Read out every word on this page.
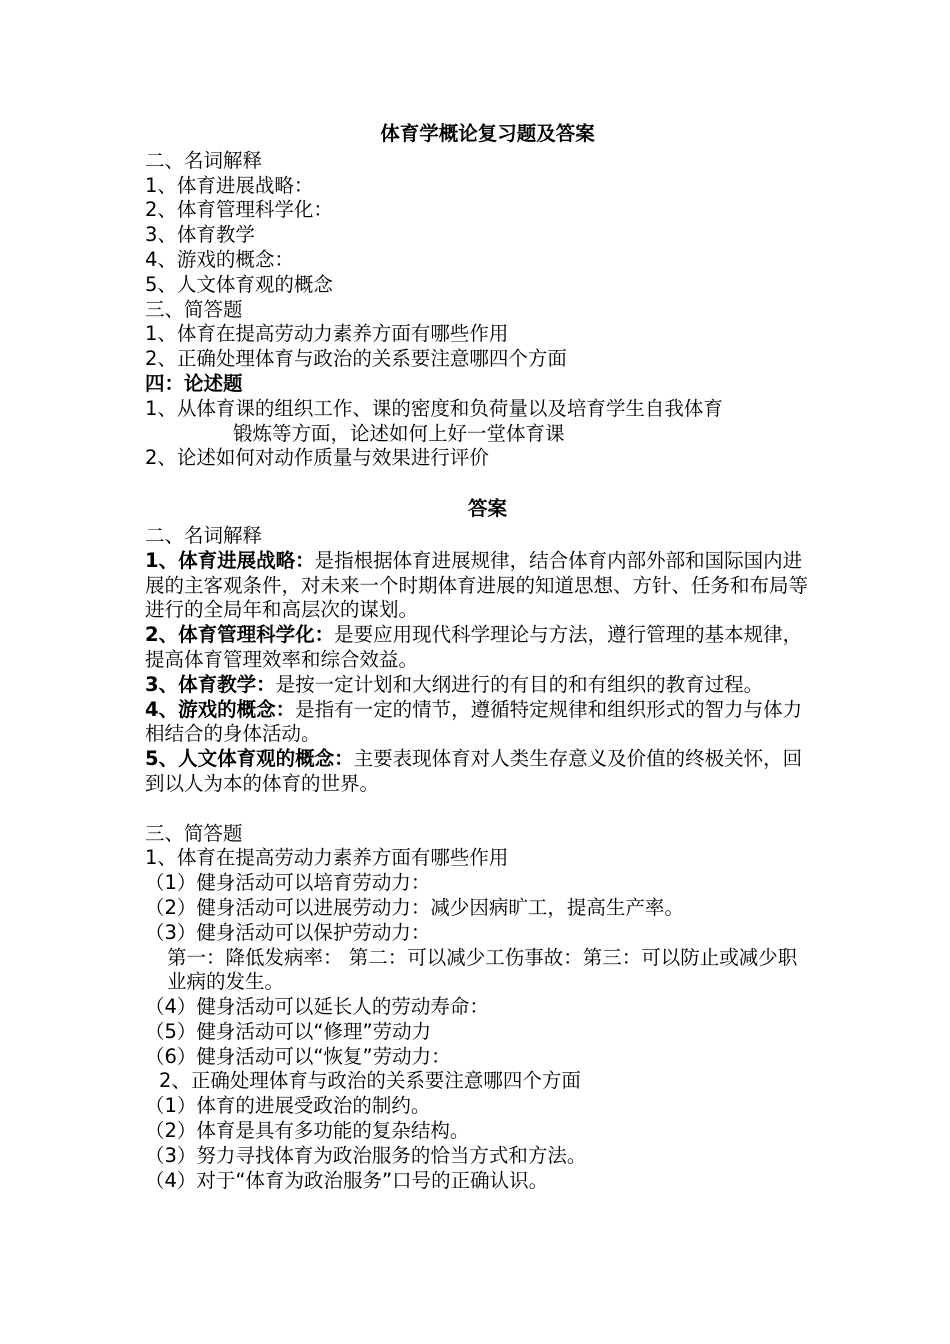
体育学概论复习题及答案
二、名词解释
1、体育进展战略：
2、体育管理科学化：
3、体育教学
4、游戏的概念：
5、人文体育观的概念
三、简答题
1、体育在提高劳动力素养方面有哪些作用
2、正确处理体育与政治的关系要注意哪四个方面
四：论述题
1、从体育课的组织工作、课的密度和负荷量以及培育学生自我体育
锻炼等方面，论述如何上好一堂体育课
2、论述如何对动作质量与效果进行评价
答案
二、名词解释
1、体育进展战略：是指根据体育进展规律，结合体育内部外部和国际国内进展的主客观条件，对未来一个时期体育进展的知道思想、方针、任务和布局等进行的全局年和高层次的谋划。
2、体育管理科学化：是要应用现代科学理论与方法，遵行管理的基本规律，提高体育管理效率和综合效益。
3、体育教学：是按一定计划和大纲进行的有目的和有组织的教育过程。
4、游戏的概念：是指有一定的情节，遵循特定规律和组织形式的智力与体力相结合的身体活动。
5、人文体育观的概念：主要表现体育对人类生存意义及价值的终极关怀，回到以人为本的体育的世界。
三、简答题
1、体育在提高劳动力素养方面有哪些作用
（1）健身活动可以培育劳动力：
（2）健身活动可以进展劳动力：减少因病旷工，提高生产率。
（3）健身活动可以保护劳动力：
第一：降低发病率： 第二：可以减少工伤事故：第三：可以防止或减少职业病的发生。
（4）健身活动可以延长人的劳动寿命：
（5）健身活动可以“修理”劳动力
（6）健身活动可以“恢复”劳动力：
2、正确处理体育与政治的关系要注意哪四个方面
（1）体育的进展受政治的制约。
（2）体育是具有多功能的复杂结构。
（3）努力寻找体育为政治服务的恰当方式和方法。
（4）对于“体育为政治服务”口号的正确认识。
